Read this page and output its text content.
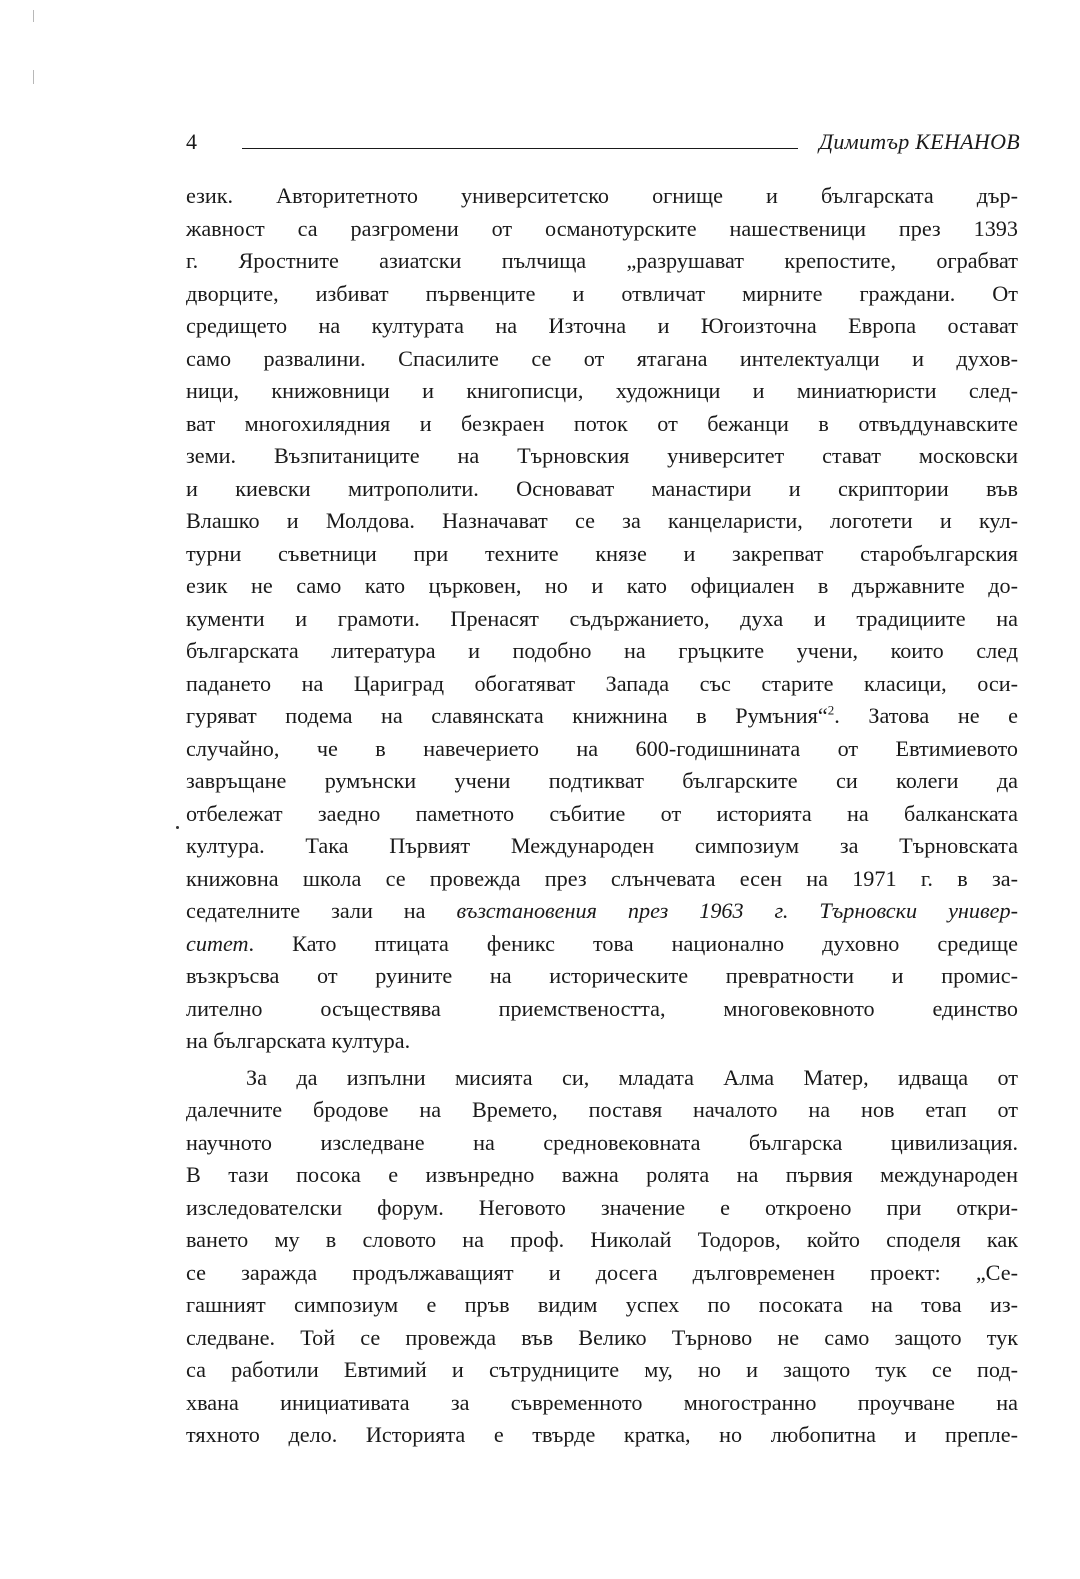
4	Димитър КЕНАНОВ
език. Авторитетното университетско огнище и българската дър-
жавност са разгромени от османотурските нашественици през 1393
г. Яростните азиатски пълчища „разрушават крепостите, ограбват
дворците, избиват първенците и отвличат мирните граждани. От
средището на културата на Източна и Югоизточна Европа остават
само развалини. Спасилите се от ятагана интелектуалци и духов-
ници, книжовници и книгописци, художници и миниатюристи след-
ват многохилядния и безкраен поток от бежанци в отвъддунавските
земи. Възпитаниците на Търновския университет стават московски
и киевски митрополити. Основават манастири и скриптории във
Влашко и Молдова. Назначават се за канцеларисти, логотети и кул-
турни съветници при техните князе и закрепват старобългарския
език не само като църковен, но и като официален в държавните до-
кументи и грамоти. Пренасят съдържанието, духа и традициите на
българската литература и подобно на гръцките учени, които след
падането на Цариград обогатяват Запада със старите класици, оси-
гуряват подема на славянската книжнина в Румъния“$^2$. Затова не е
случайно, че в навечерието на 600-годишнината от Евтимиевото
завръщане румънски учени подтикват българските си колеги да
отбележат заедно паметното събитие от историята на балканската
култура. Така Първият Международен симпозиум за Търновската
книжовна школа се провежда през слънчевата есен на 1971 г. в за-
седателните зали на възстановения през 1963 г. Търновски универ-
ситет. Като птицата феникс това национално духовно средище
възкръсва от руините на историческите превратности и промис-
лително осъществява приемствеността, многовековното единство
на българската култура.
За да изпълни мисията си, младата Алма Матер, идваща от
далечните бродове на Времето, поставя началото на нов етап от
научното изследване на средновековната българска цивилизация.
В тази посока е извънредно важна ролята на първия международен
изследователски форум. Неговото значение е откроено при откри-
ването му в словото на проф. Николай Тодоров, който споделя как
се заражда продължаващият и досега дълговременен проект: „Се-
гашният симпозиум е пръв видим успех по посоката на това из-
следване. Той се провежда във Велико Търново не само защото тук
са работили Евтимий и сътрудниците му, но и защото тук се под-
хвана инициативата за съвременното многостранно проучване на
тяхното дело. Историята е твърде кратка, но любопитна и препле-
